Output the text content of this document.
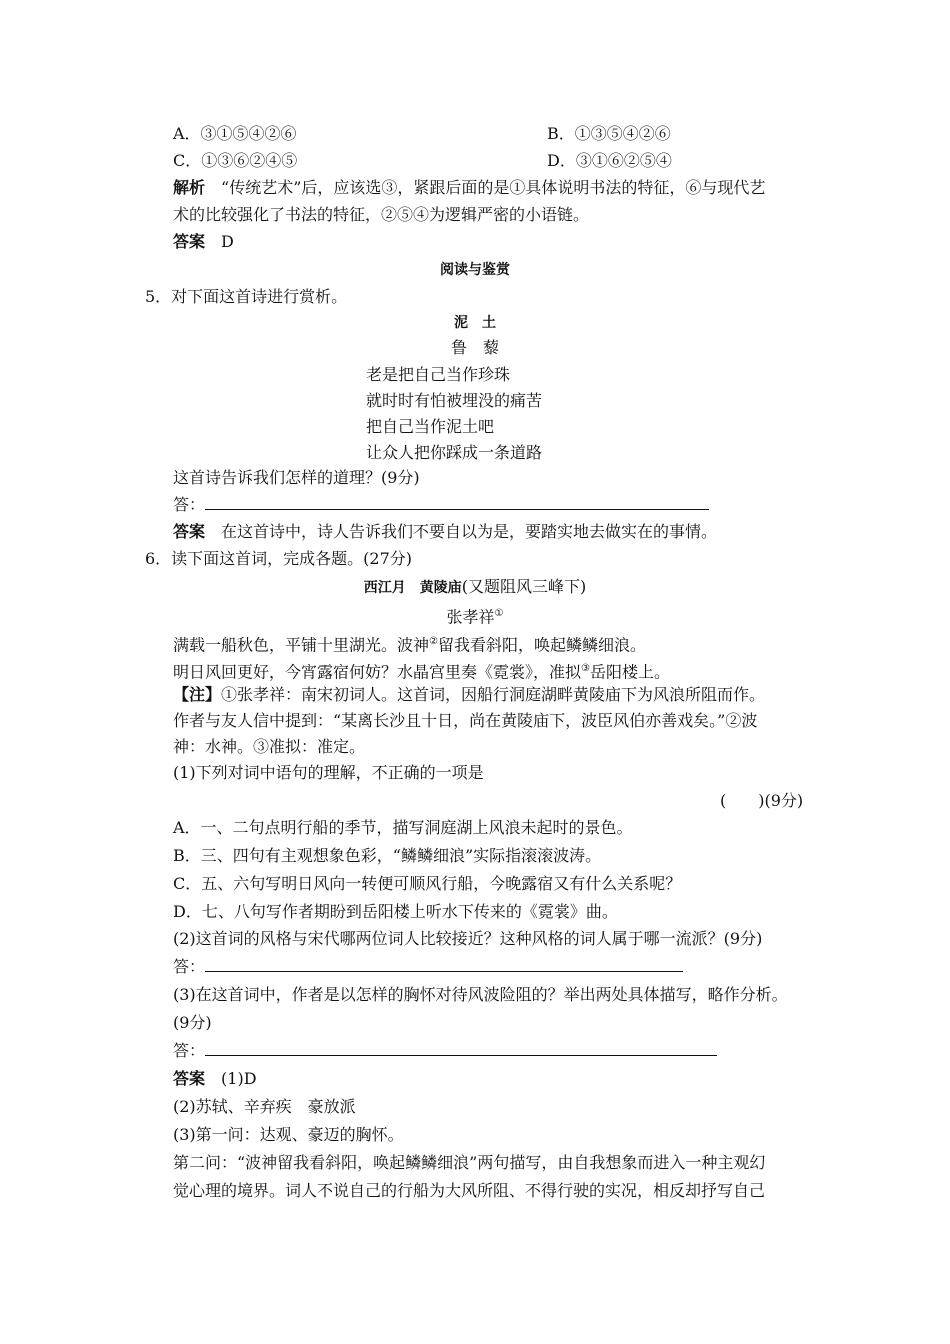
A．③①⑤④②⑥	B．①③⑤④②⑥
C．①③⑥②④⑤	D．③①⑥②⑤④
解析　 “传统艺术”后，应该选③，紧跟后面的是①具体说明书法的特征，⑥与现代艺
术的比较强化了书法的特征，②⑤④为逻辑严密的小语链。
答案　 D
阅读与鉴赏
5．对下面这首诗进行赏析。
泥　土
鲁　藜
老是把自己当作珍珠
就时时有怕被埋没的痛苦
把自己当作泥土吧
让众人把你踩成一条道路
这首诗告诉我们怎样的道理？(9分)
答：
答案　 在这首诗中，诗人告诉我们不要自以为是，要踏实地去做实在的事情。
6．读下面这首词，完成各题。(27分)
西江月　黄陵庙(又题阻风三峰下)
张孝祥①
满载一船秋色，平铺十里湖光。波神②留我看斜阳，唤起鳞鳞细浪。
明日风回更好，今宵露宿何妨？水晶宫里奏《霓裳》，准拟③岳阳楼上。
【注】①张孝祥：南宋初词人。这首词，因船行洞庭湖畔黄陵庙下为风浪所阻而作。
作者与友人信中提到：“某离长沙且十日，尚在黄陵庙下，波臣风伯亦善戏矣。”②波
神：水神。③准拟：准定。
(1)下列对词中语句的理解，不正确的一项是
(　　)(9分)
A．一、二句点明行船的季节，描写洞庭湖上风浪未起时的景色。
B．三、四句有主观想象色彩，“鳞鳞细浪”实际指滚滚波涛。
C．五、六句写明日风向一转便可顺风行船，今晚露宿又有什么关系呢？
D．七、八句写作者期盼到岳阳楼上听水下传来的《霓裳》曲。
(2)这首词的风格与宋代哪两位词人比较接近？这种风格的词人属于哪一流派？(9分)
答：
(3)在这首词中，作者是以怎样的胸怀对待风波险阻的？举出两处具体描写，略作分析。
(9分)
答：
答案　 (1)D
(2)苏轼、辛弃疾　豪放派
(3)第一问：达观、豪迈的胸怀。
第二问：“波神留我看斜阳，唤起鳞鳞细浪”两句描写，由自我想象而进入一种主观幻
觉心理的境界。词人不说自己的行船为大风所阻、不得行驶的实况，相反却抒写自己
